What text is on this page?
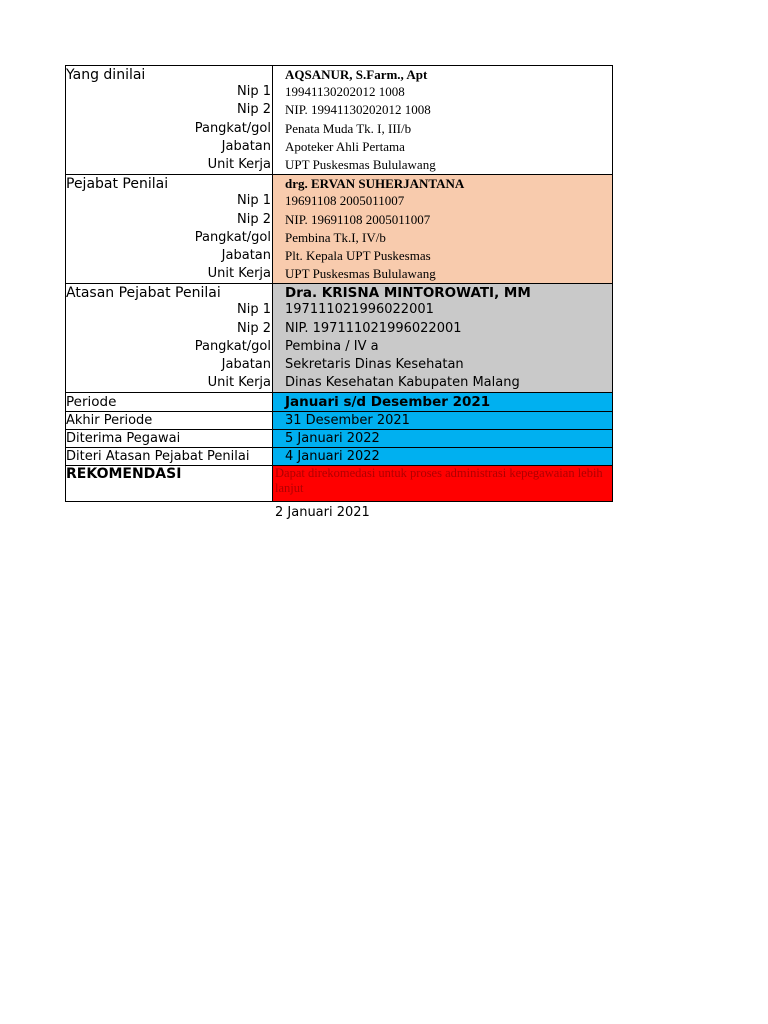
Yang dinilai	AQSANUR, S.Farm., Apt
Nip 1	19941130202012 1008
Nip 2	NIP. 19941130202012 1008
Pangkat/gol	Penata Muda Tk. I, III/b
Jabatan	Apoteker Ahli Pertama
Unit Kerja	UPT Puskesmas Bululawang
Pejabat Penilai	drg. ERVAN SUHERJANTANA
Nip 1	19691108 2005011007
Nip 2	NIP. 19691108 2005011007
Pangkat/gol	Pembina Tk.I, IV/b
Jabatan	Plt. Kepala UPT Puskesmas
Unit Kerja	UPT Puskesmas Bululawang
Atasan Pejabat Penilai	Dra. KRISNA MINTOROWATI, MM
Nip 1	197111021996022001
Nip 2	NIP. 197111021996022001
Pangkat/gol	Pembina / IV a
Jabatan	Sekretaris Dinas Kesehatan
Unit Kerja	Dinas Kesehatan Kabupaten Malang
Periode	Januari s/d Desember 2021
Akhir Periode	31 Desember 2021
Diterima Pegawai	5 Januari 2022
Diteri Atasan Pejabat Penilai	4 Januari 2022
REKOMENDASI	Dapat direkomedasi untuk proses administrasi kepegawaian lebih lanjut
2 Januari 2021
